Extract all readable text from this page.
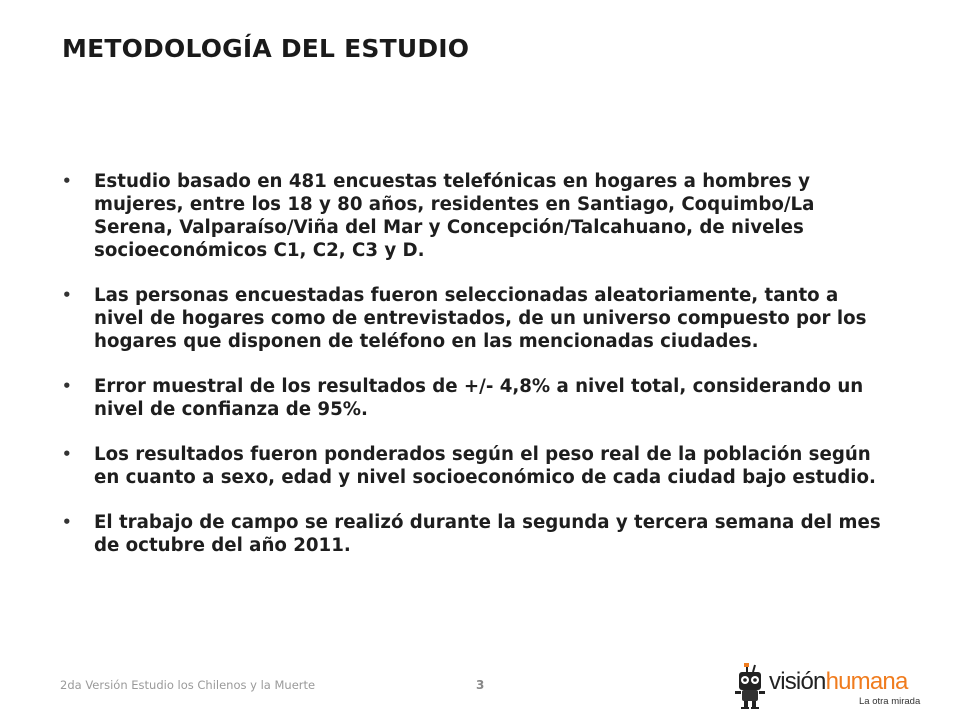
METODOLOGÍA DEL ESTUDIO
•	Estudio basado en 481 encuestas telefónicas en hogares a hombres y mujeres, entre los 18 y 80 años, residentes en Santiago, Coquimbo/La Serena, Valparaíso/Viña del Mar y Concepción/Talcahuano, de niveles socioeconómicos C1, C2, C3 y D.
•	Las personas encuestadas fueron seleccionadas aleatoriamente, tanto a nivel de hogares como de entrevistados, de un universo compuesto por los hogares que disponen de teléfono en las mencionadas ciudades.
•	Error muestral de los resultados de +/- 4,8% a nivel total, considerando un nivel de confianza de 95%.
•	Los resultados fueron ponderados según el peso real de la población según en cuanto a sexo, edad y nivel socioeconómico de cada ciudad bajo estudio.
•	El trabajo de campo se realizó durante la segunda y tercera semana del mes de octubre del año 2011.
2da Versión Estudio los Chilenos y la Muerte	3	visiónhumana
La otra mirada
